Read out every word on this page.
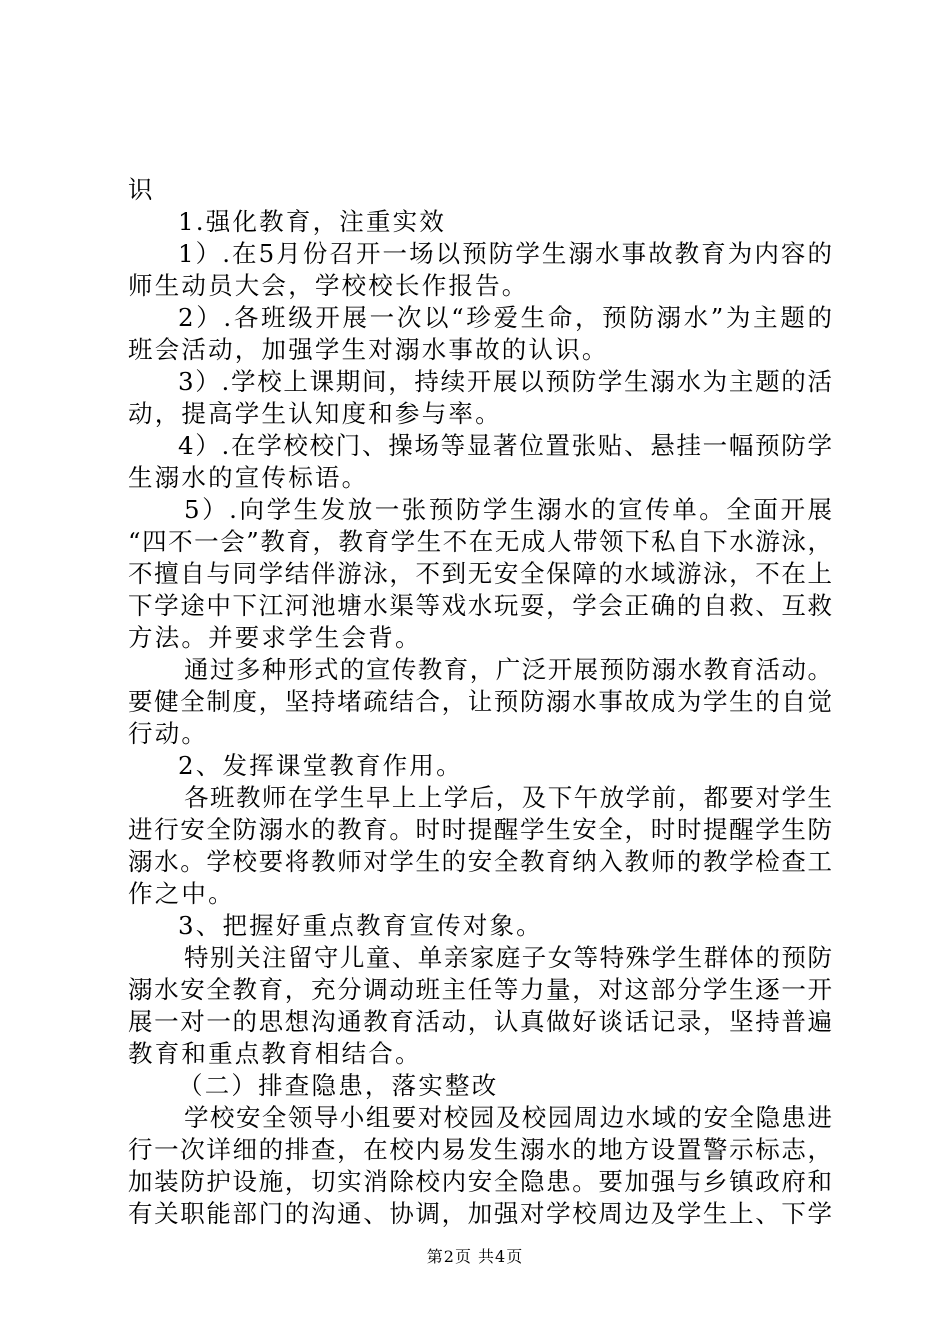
识
1.强化教育，注重实效
1）.在5月份召开一场以预防学生溺水事故教育为内容的
师生动员大会，学校校长作报告。
2）.各班级开展一次以“珍爱生命，预防溺水”为主题的
班会活动，加强学生对溺水事故的认识。
3）.学校上课期间，持续开展以预防学生溺水为主题的活
动，提高学生认知度和参与率。
4）.在学校校门、操场等显著位置张贴、悬挂一幅预防学
生溺水的宣传标语。
5）.向学生发放一张预防学生溺水的宣传单。全面开展
“四不一会”教育，教育学生不在无成人带领下私自下水游泳，
不擅自与同学结伴游泳，不到无安全保障的水域游泳，不在上
下学途中下江河池塘水渠等戏水玩耍，学会正确的自救、互救
方法。并要求学生会背。
通过多种形式的宣传教育，广泛开展预防溺水教育活动。
要健全制度，坚持堵疏结合，让预防溺水事故成为学生的自觉
行动。
2、发挥课堂教育作用。
各班教师在学生早上上学后，及下午放学前，都要对学生
进行安全防溺水的教育。时时提醒学生安全，时时提醒学生防
溺水。学校要将教师对学生的安全教育纳入教师的教学检查工
作之中。
3、把握好重点教育宣传对象。
特别关注留守儿童、单亲家庭子女等特殊学生群体的预防
溺水安全教育，充分调动班主任等力量，对这部分学生逐一开
展一对一的思想沟通教育活动，认真做好谈话记录，坚持普遍
教育和重点教育相结合。
（二）排查隐患，落实整改
学校安全领导小组要对校园及校园周边水域的安全隐患进
行一次详细的排查，在校内易发生溺水的地方设置警示标志，
加装防护设施，切实消除校内安全隐患。要加强与乡镇政府和
有关职能部门的沟通、协调，加强对学校周边及学生上、下学
第2页 共4页
